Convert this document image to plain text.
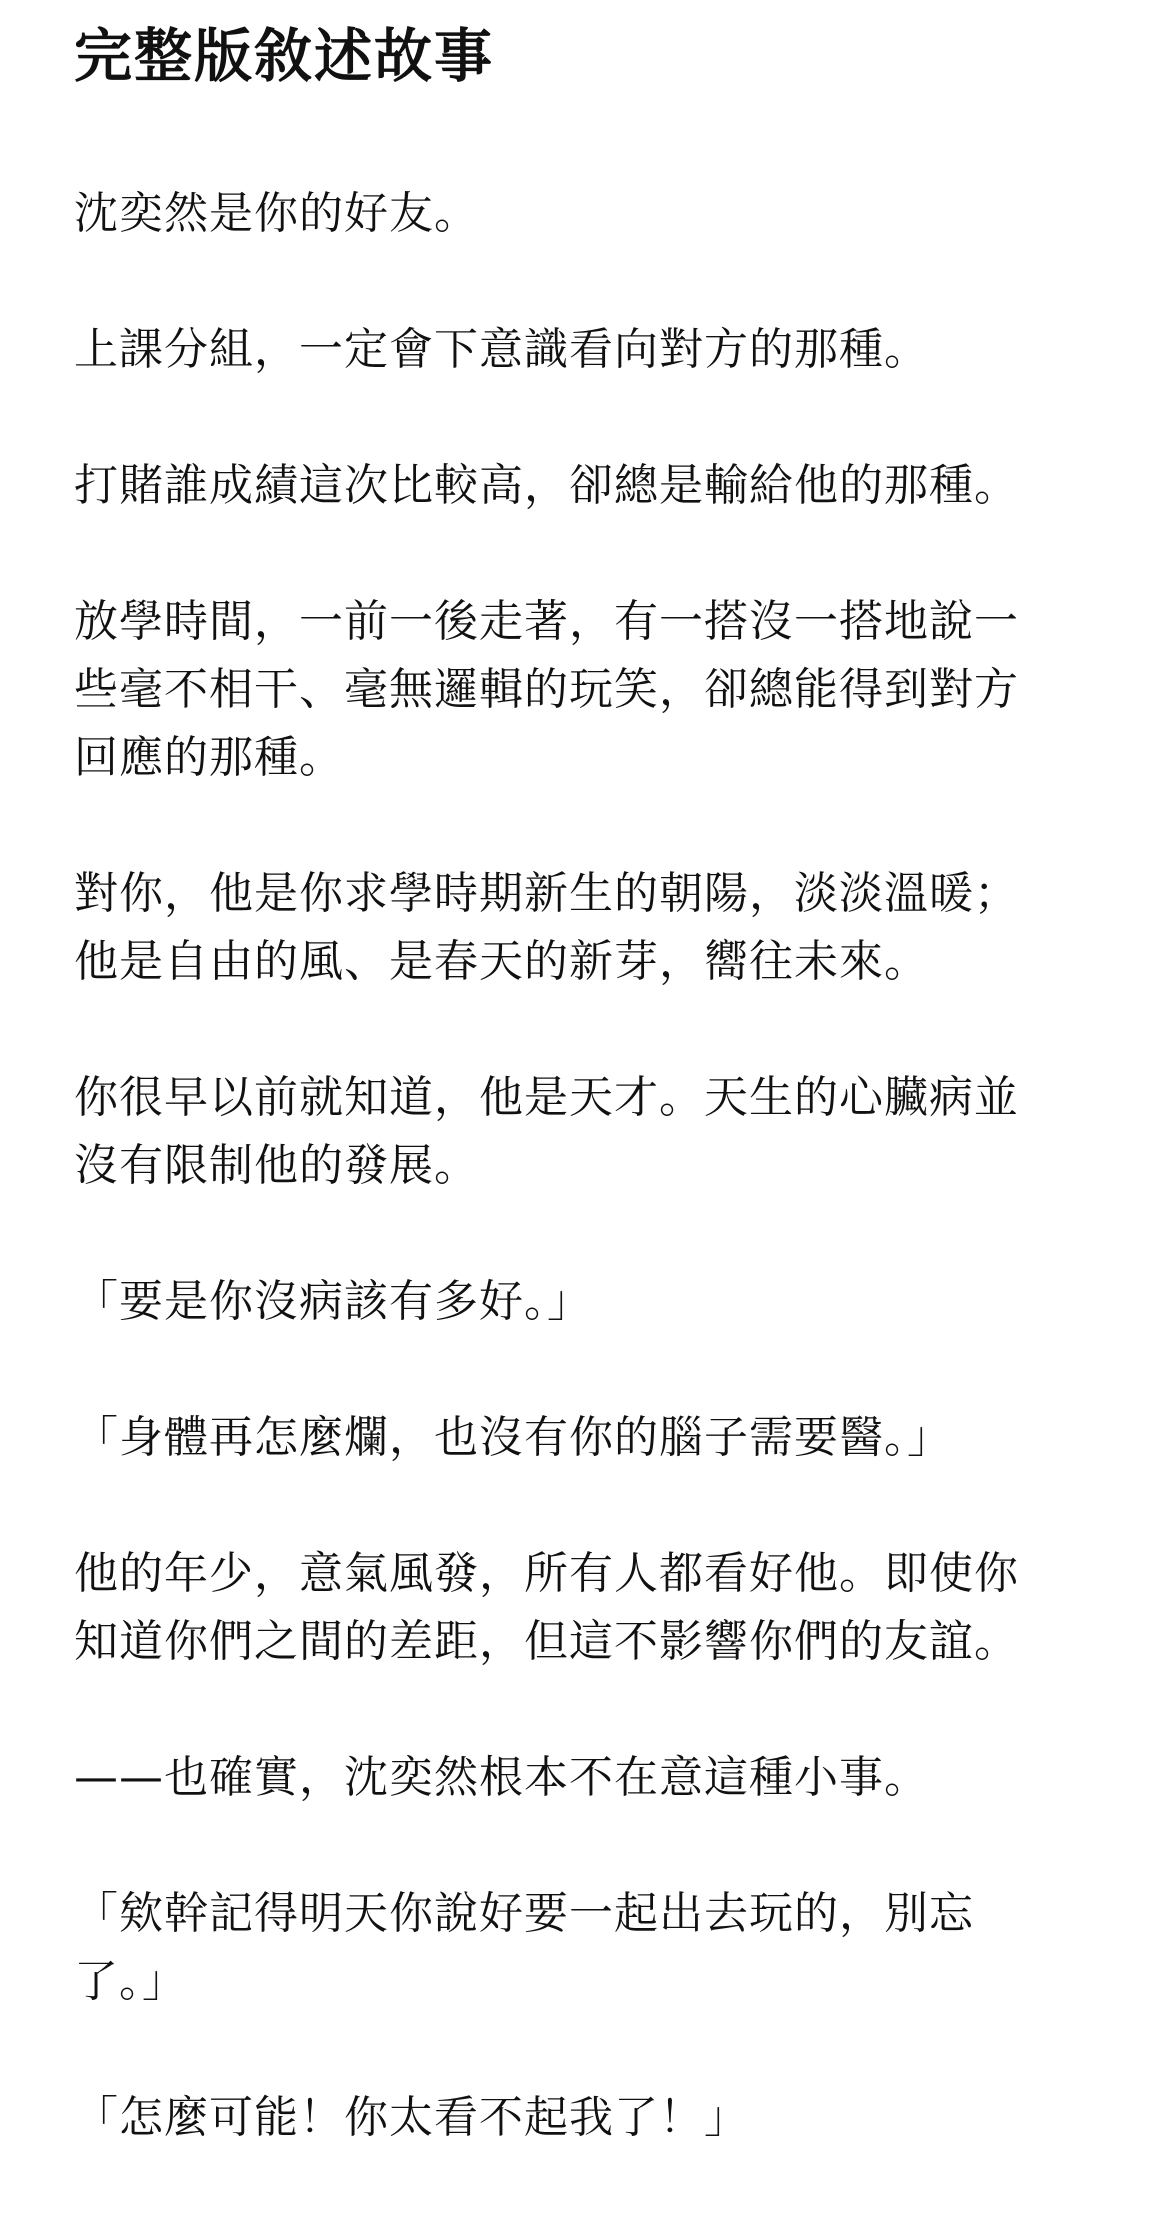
完整版敘述故事

沈奕然是你的好友。

上課分組，一定會下意識看向對方的那種。

打賭誰成績這次比較高，卻總是輸給他的那種。

放學時間，一前一後走著，有一搭沒一搭地說一
些毫不相干、毫無邏輯的玩笑，卻總能得到對方
回應的那種。

對你，他是你求學時期新生的朝陽，淡淡溫暖；
他是自由的風、是春天的新芽，嚮往未來。

你很早以前就知道，他是天才。天生的心臟病並
沒有限制他的發展。

「要是你沒病該有多好。」

「身體再怎麼爛，也沒有你的腦子需要醫。」

他的年少，意氣風發，所有人都看好他。即使你
知道你們之間的差距，但這不影響你們的友誼。

——也確實，沈奕然根本不在意這種小事。

「欸幹記得明天你說好要一起出去玩的，別忘
了。」

「怎麼可能！你太看不起我了！」
